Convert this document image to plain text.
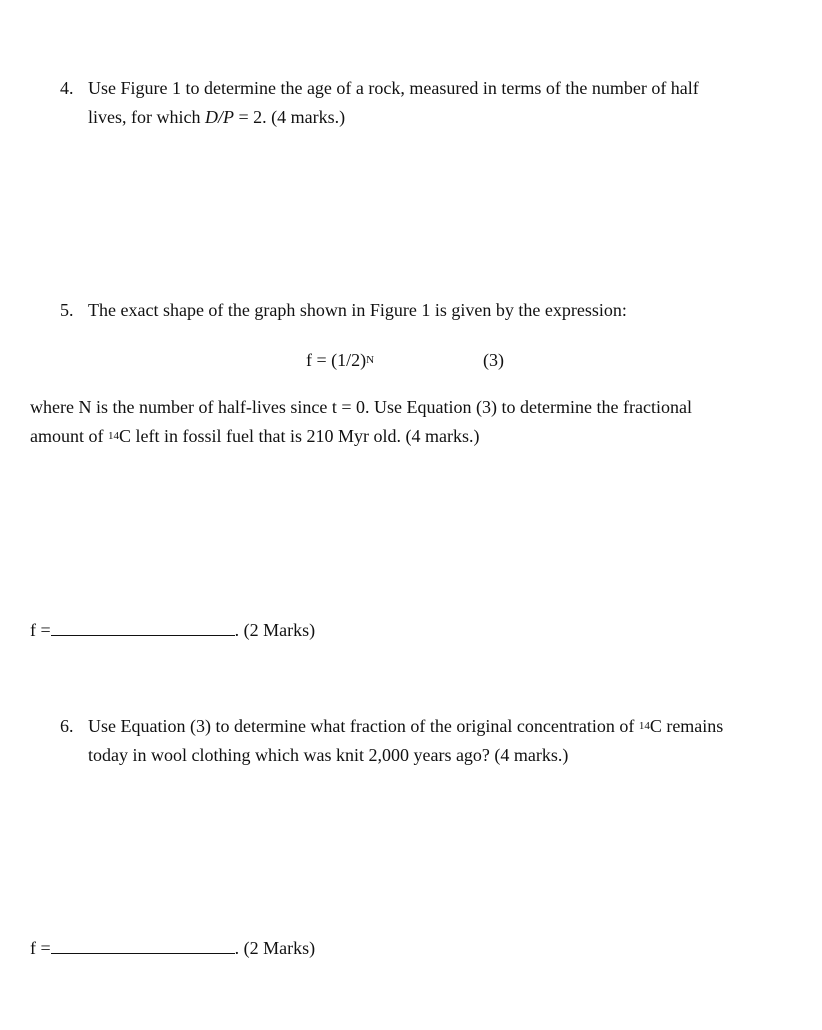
4. Use Figure 1 to determine the age of a rock, measured in terms of the number of half
lives, for which D/P = 2. (4 marks.)
5. The exact shape of the graph shown in Figure 1 is given by the expression:
$f = (1/2)^N$	(3)
where N is the number of half-lives since t = 0. Use Equation (3) to determine the fractional
amount of $^{14}$C left in fossil fuel that is 210 Myr old. (4 marks.)
f =	. (2 Marks)
6. Use Equation (3) to determine what fraction of the original concentration of $^{14}$C remains
today in wool clothing which was knit 2,000 years ago? (4 marks.)
f =	. (2 Marks)
